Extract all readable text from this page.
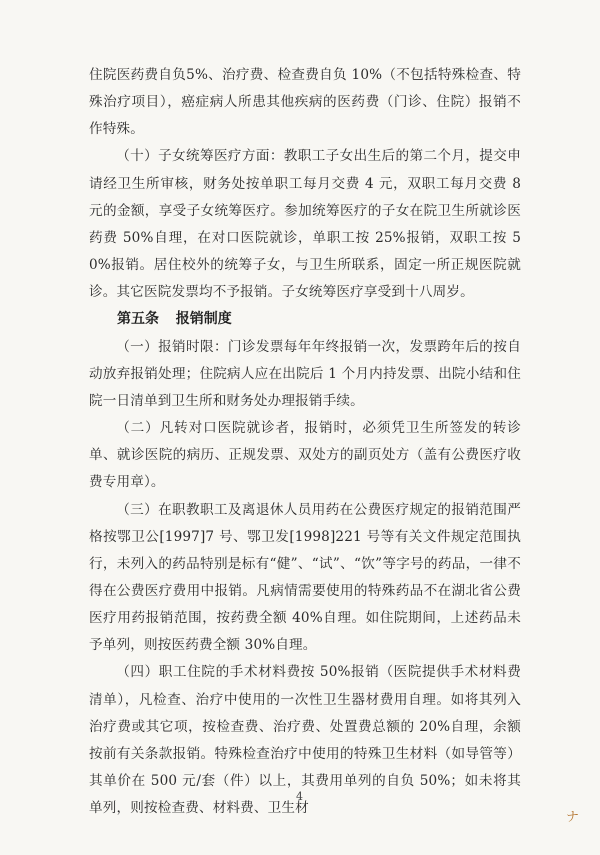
住院医药费自负5%、治疗费、检查费自负 10%（不包括特殊检查、特殊治疗项目），癌症病人所患其他疾病的医药费（门诊、住院）报销不作特殊。

（十）子女统筹医疗方面：教职工子女出生后的第二个月，提交申请经卫生所审核，财务处按单职工每月交费 4 元，双职工每月交费 8 元的金额，享受子女统筹医疗。参加统筹医疗的子女在院卫生所就诊医药费 50%自理，在对口医院就诊，单职工按 25%报销，双职工按 50%报销。居住校外的统筹子女，与卫生所联系，固定一所正规医院就诊。其它医院发票均不予报销。子女统筹医疗享受到十八周岁。

第五条 报销制度

（一）报销时限：门诊发票每年年终报销一次，发票跨年后的按自动放弃报销处理；住院病人应在出院后 1 个月内持发票、出院小结和住院一日清单到卫生所和财务处办理报销手续。

（二）凡转对口医院就诊者，报销时，必须凭卫生所签发的转诊单、就诊医院的病历、正规发票、双处方的副页处方（盖有公费医疗收费专用章）。

（三）在职教职工及离退休人员用药在公费医疗规定的报销范围严格按鄂卫公[1997]7 号、鄂卫发[1998]221 号等有关文件规定范围执行，未列入的药品特别是标有“健”、“试”、“饮”等字号的药品，一律不得在公费医疗费用中报销。凡病情需要使用的特殊药品不在湖北省公费医疗用药报销范围，按药费全额 40%自理。如住院期间，上述药品未予单列，则按医药费全额 30%自理。

（四）职工住院的手术材料费按 50%报销（医院提供手术材料费清单），凡检查、治疗中使用的一次性卫生器材费用自理。如将其列入治疗费或其它项，按检查费、治疗费、处置费总额的 20%自理，余额按前有关条款报销。特殊检查治疗中使用的特殊卫生材料（如导管等）其单价在 500 元/套（件）以上，其费用单列的自负 50%；如未将其单列，则按检查费、材料费、卫生材

4
ナ
